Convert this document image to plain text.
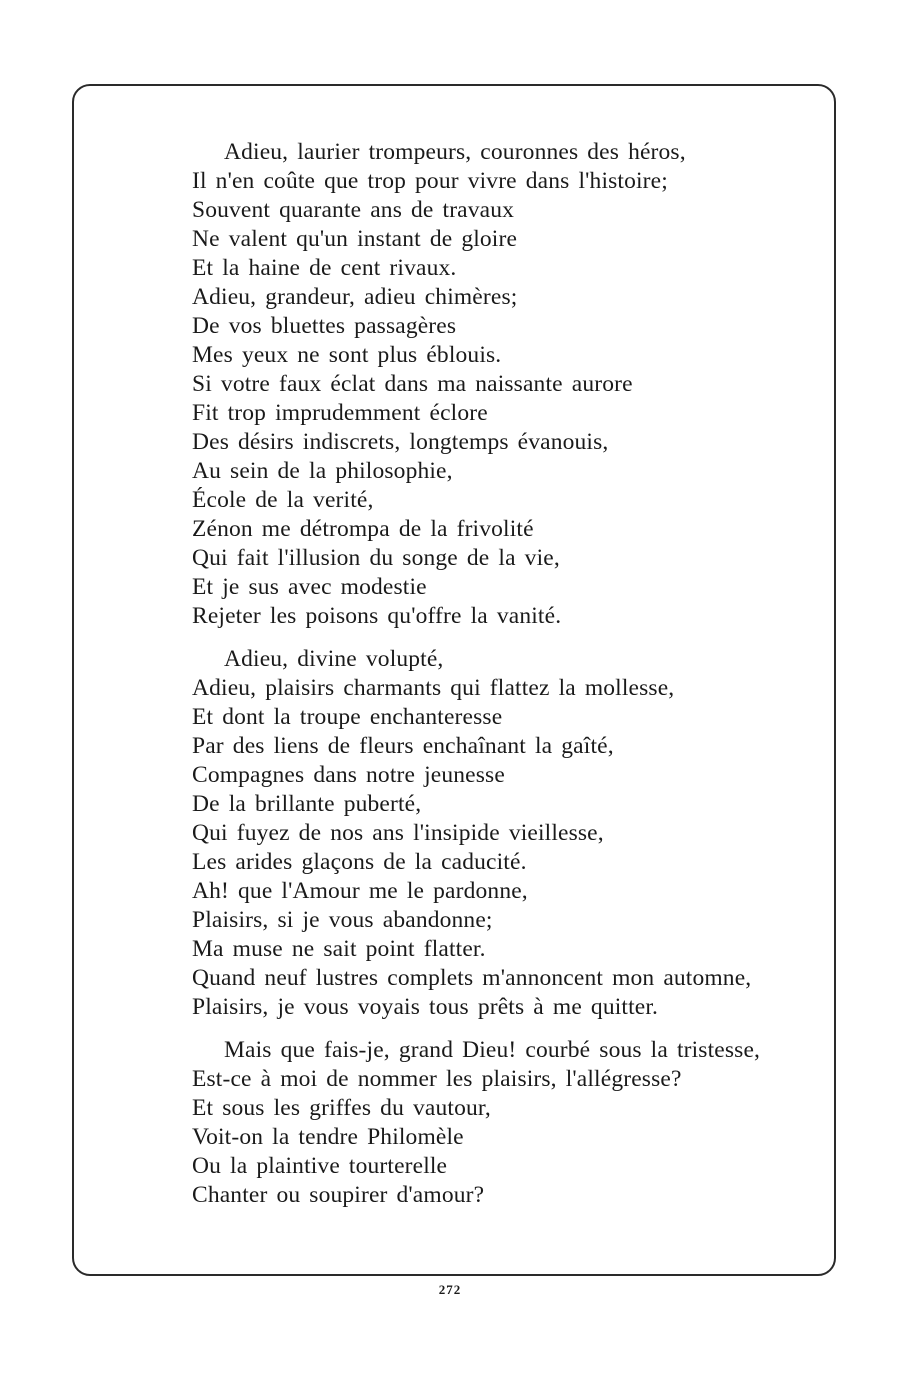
Adieu, laurier trompeurs, couronnes des héros,
Il n'en coûte que trop pour vivre dans l'histoire;
Souvent quarante ans de travaux
Ne valent qu'un instant de gloire
Et la haine de cent rivaux.
Adieu, grandeur, adieu chimères;
De vos bluettes passagères
Mes yeux ne sont plus éblouis.
Si votre faux éclat dans ma naissante aurore
Fit trop imprudemment éclore
Des désirs indiscrets, longtemps évanouis,
Au sein de la philosophie,
École de la verité,
Zénon me détrompa de la frivolité
Qui fait l'illusion du songe de la vie,
Et je sus avec modestie
Rejeter les poisons qu'offre la vanité.
Adieu, divine volupté,
Adieu, plaisirs charmants qui flattez la mollesse,
Et dont la troupe enchanteresse
Par des liens de fleurs enchaînant la gaîté,
Compagnes dans notre jeunesse
De la brillante puberté,
Qui fuyez de nos ans l'insipide vieillesse,
Les arides glaçons de la caducité.
Ah! que l'Amour me le pardonne,
Plaisirs, si je vous abandonne;
Ma muse ne sait point flatter.
Quand neuf lustres complets m'annoncent mon automne,
Plaisirs, je vous voyais tous prêts à me quitter.
Mais que fais-je, grand Dieu! courbé sous la tristesse,
Est-ce à moi de nommer les plaisirs, l'allégresse?
Et sous les griffes du vautour,
Voit-on la tendre Philomèle
Ou la plaintive tourterelle
Chanter ou soupirer d'amour?
272
